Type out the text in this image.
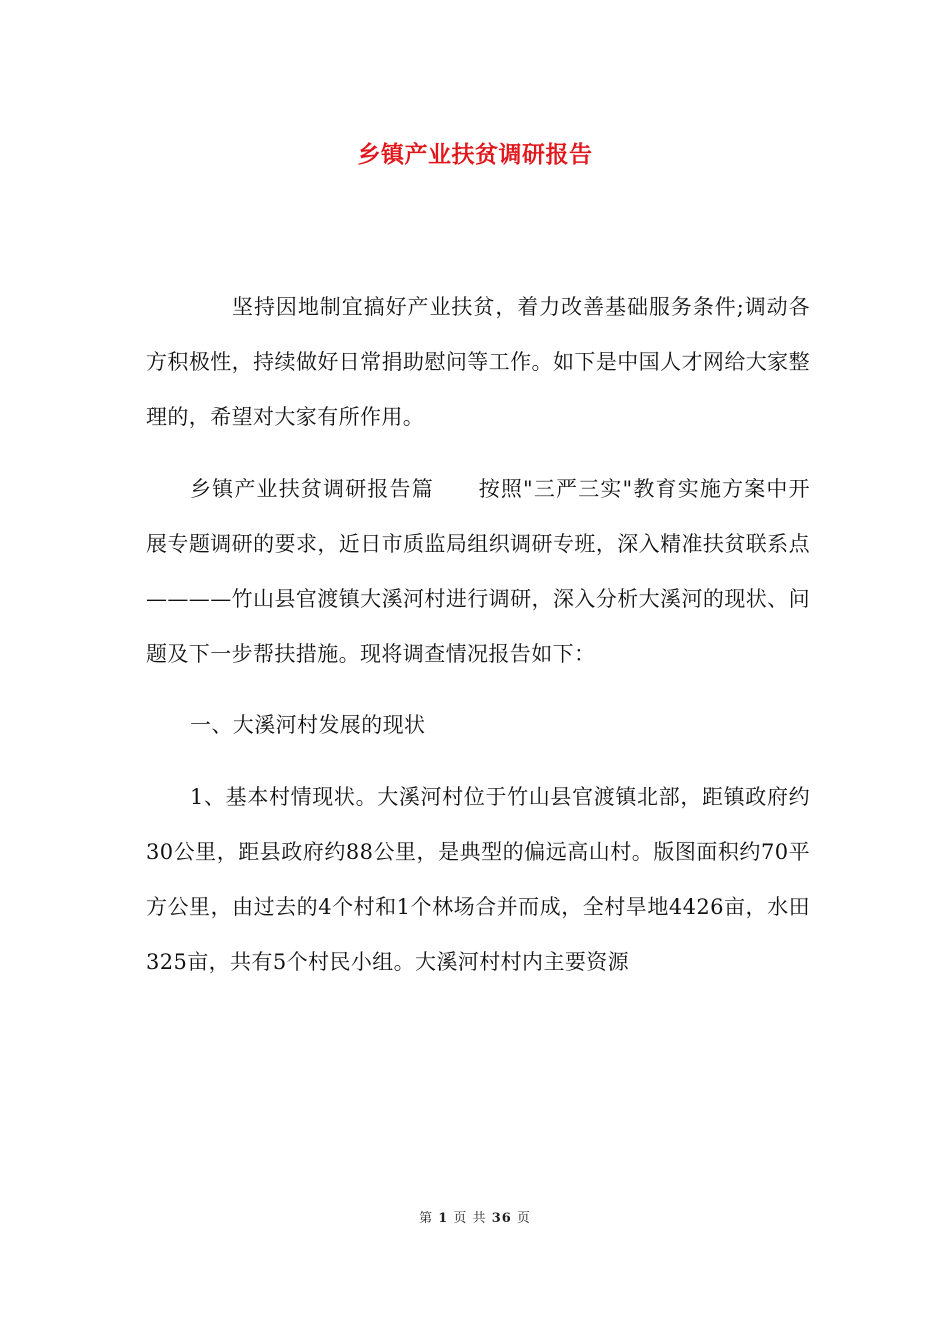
乡镇产业扶贫调研报告

坚持因地制宜搞好产业扶贫，着力改善基础服务条件;调动各方积极性，持续做好日常捐助慰问等工作。如下是中国人才网给大家整理的，希望对大家有所作用。

乡镇产业扶贫调研报告篇 按照"三严三实"教育实施方案中开展专题调研的要求，近日市质监局组织调研专班，深入精准扶贫联系点————竹山县官渡镇大溪河村进行调研，深入分析大溪河的现状、问题及下一步帮扶措施。现将调查情况报告如下：

一、大溪河村发展的现状

1、基本村情现状。大溪河村位于竹山县官渡镇北部，距镇政府约30公里，距县政府约88公里，是典型的偏远高山村。版图面积约70平方公里，由过去的4个村和1个林场合并而成，全村旱地4426亩，水田325亩，共有5个村民小组。大溪河村村内主要资源

第 1 页 共 36 页
